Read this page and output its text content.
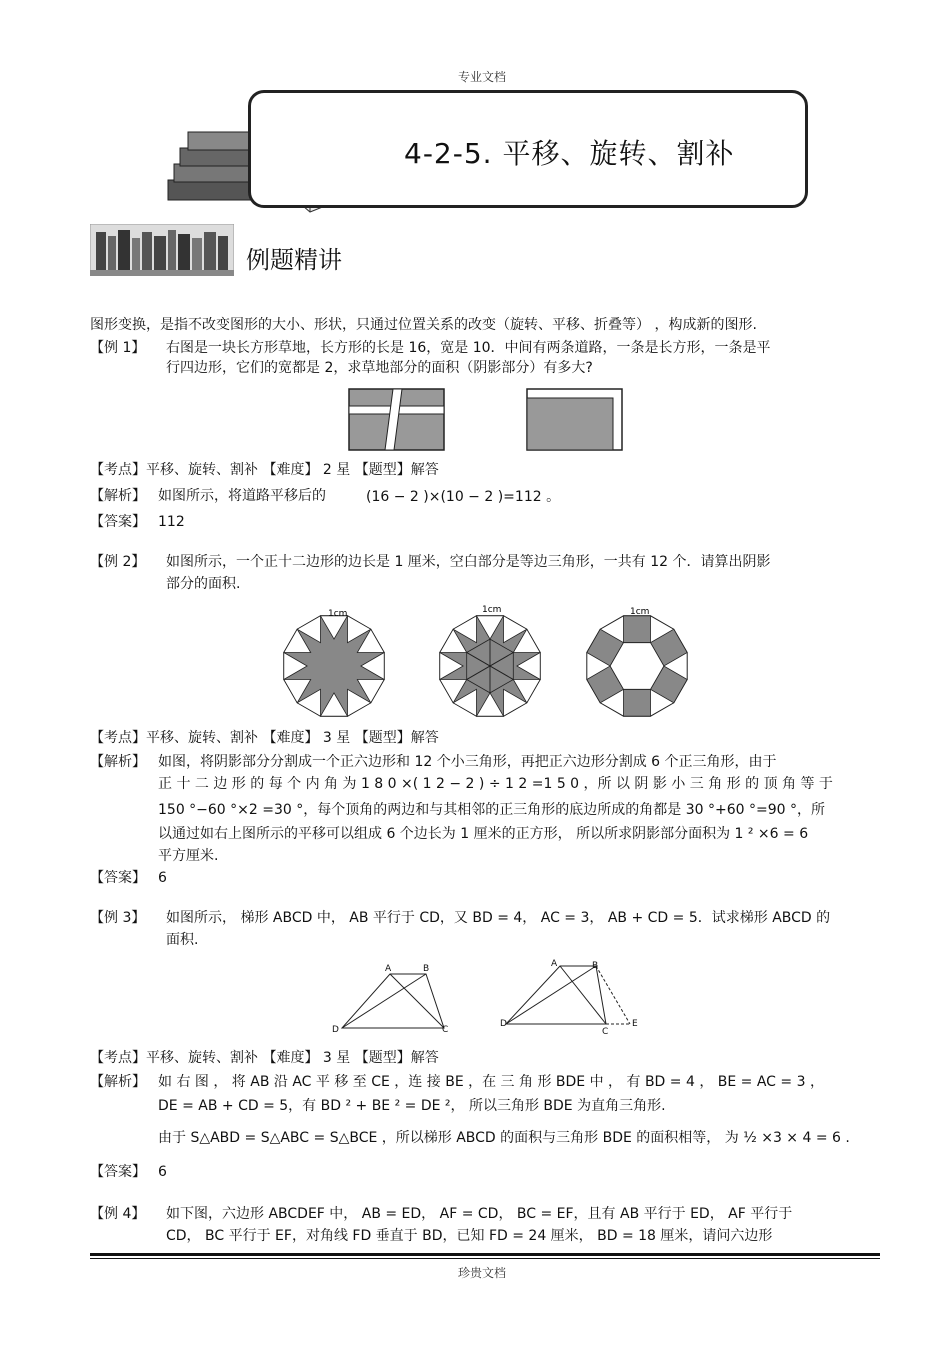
专业文档
4-2-5. 平移、旋转、割补
例题精讲
图形变换，是指不改变图形的大小、形状，只通过位置关系的改变（旋转、平移、折叠等） ，构成新的图形.
【例 1】 右图是一块长方形草地，长方形的长是 16，宽是 10．中间有两条道路，一条是长方形，一条是平
行四边形，它们的宽都是 2，求草地部分的面积（阴影部分）有多大?
【考点】平移、旋转、割补 【难度】 2 星 【题型】解答
【解析】 如图所示，将道路平移后的	(16 − 2 )×(10 − 2 )=112 。
【答案】 112
【例 2】 如图所示，一个正十二边形的边长是 1 厘米，空白部分是等边三角形，一共有 12 个．请算出阴影
部分的面积.
1cm	1cm	1cm
【考点】平移、旋转、割补 【难度】 3 星 【题型】解答
【解析】 如图，将阴影部分分割成一个正六边形和 12 个小三角形，再把正六边形分割成 6 个正三角形，由于
正 十 二 边 形 的 每 个 内 角 为 1 8 0 ×( 1 2 − 2 ) ÷ 1 2 =1 5 0 ，所 以 阴 影 小 三 角 形 的 顶 角 等 于
150 °−60 °×2 =30 °，每个顶角的两边和与其相邻的正三角形的底边所成的角都是 30 °+60 °=90 °，所
以通过如右上图所示的平移可以组成 6 个边长为 1 厘米的正方形， 所以所求阴影部分面积为 1 ² ×6 = 6
平方厘米.
【答案】 6
【例 3】 如图所示， 梯形 ABCD 中， AB 平行于 CD，又 BD = 4， AC = 3， AB + CD = 5．试求梯形 ABCD 的
面积.
A	B
D	C
A	B
D
C
E
【考点】平移、旋转、割补 【难度】 3 星 【题型】解答
【解析】 如 右 图 ， 将 AB 沿 AC 平 移 至 CE ，连 接 BE ，在 三 角 形 BDE 中 ， 有 BD = 4 ， BE = AC = 3 ，
DE = AB + CD = 5，有 BD ² + BE ² = DE ²， 所以三角形 BDE 为直角三角形.
由于 S△ABD = S△ABC = S△BCE ，所以梯形 ABCD 的面积与三角形 BDE 的面积相等， 为 ½ ×3 × 4 = 6 .
【答案】 6
【例 4】 如下图，六边形 ABCDEF 中， AB = ED， AF = CD， BC = EF，且有 AB 平行于 ED， AF 平行于
CD， BC 平行于 EF，对角线 FD 垂直于 BD，已知 FD = 24 厘米， BD = 18 厘米，请问六边形
珍贵文档
